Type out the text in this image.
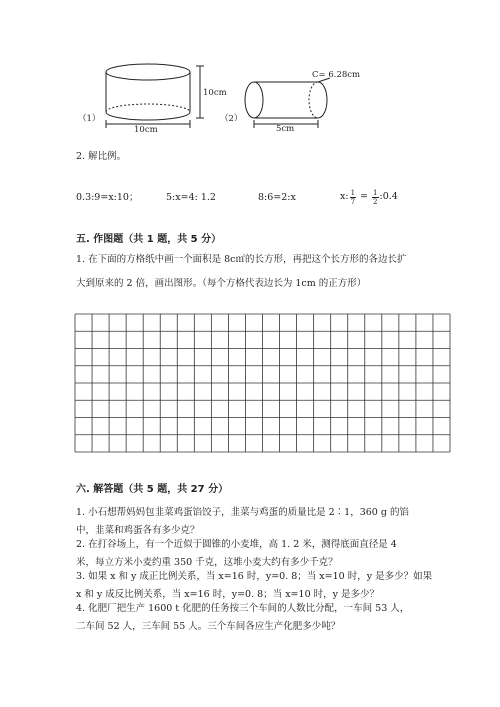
（1）
10cm
10cm
（2）
C= 6.28cm
5cm
2. 解比例。
0.3:9=x:10；	5:x=4: 1.2	8:6=2:x	x: $\frac{1}{7} = \frac{1}{2}$ :0.4
五. 作图题（共 1 题，共 5 分）
1. 在下面的方格纸中画一个面积是 8c㎡的长方形，再把这个长方形的各边长扩
大到原来的 2 倍，画出图形。（每个方格代表边长为 1cm 的正方形）
六. 解答题（共 5 题，共 27 分）
1. 小石想帮妈妈包韭菜鸡蛋馅饺子，韭菜与鸡蛋的质量比是 2∶1，360 g 的馅
中，韭菜和鸡蛋各有多少克？
2. 在打谷场上，有一个近似于圆锥的小麦堆，高 1. 2 米，测得底面直径是 4
米，每立方米小麦约重 350 千克，这堆小麦大约有多少千克？
3. 如果 x 和 y 成正比例关系，当 x=16 时，y=0. 8；当 x=10 时，y 是多少？如果
x 和 y 成反比例关系，当 x=16 时，y=0. 8；当 x=10 时，y 是多少？
4. 化肥厂把生产 1600 t 化肥的任务按三个车间的人数比分配，一车间 53 人，
二车间 52 人，三车间 55 人。三个车间各应生产化肥多少吨？
